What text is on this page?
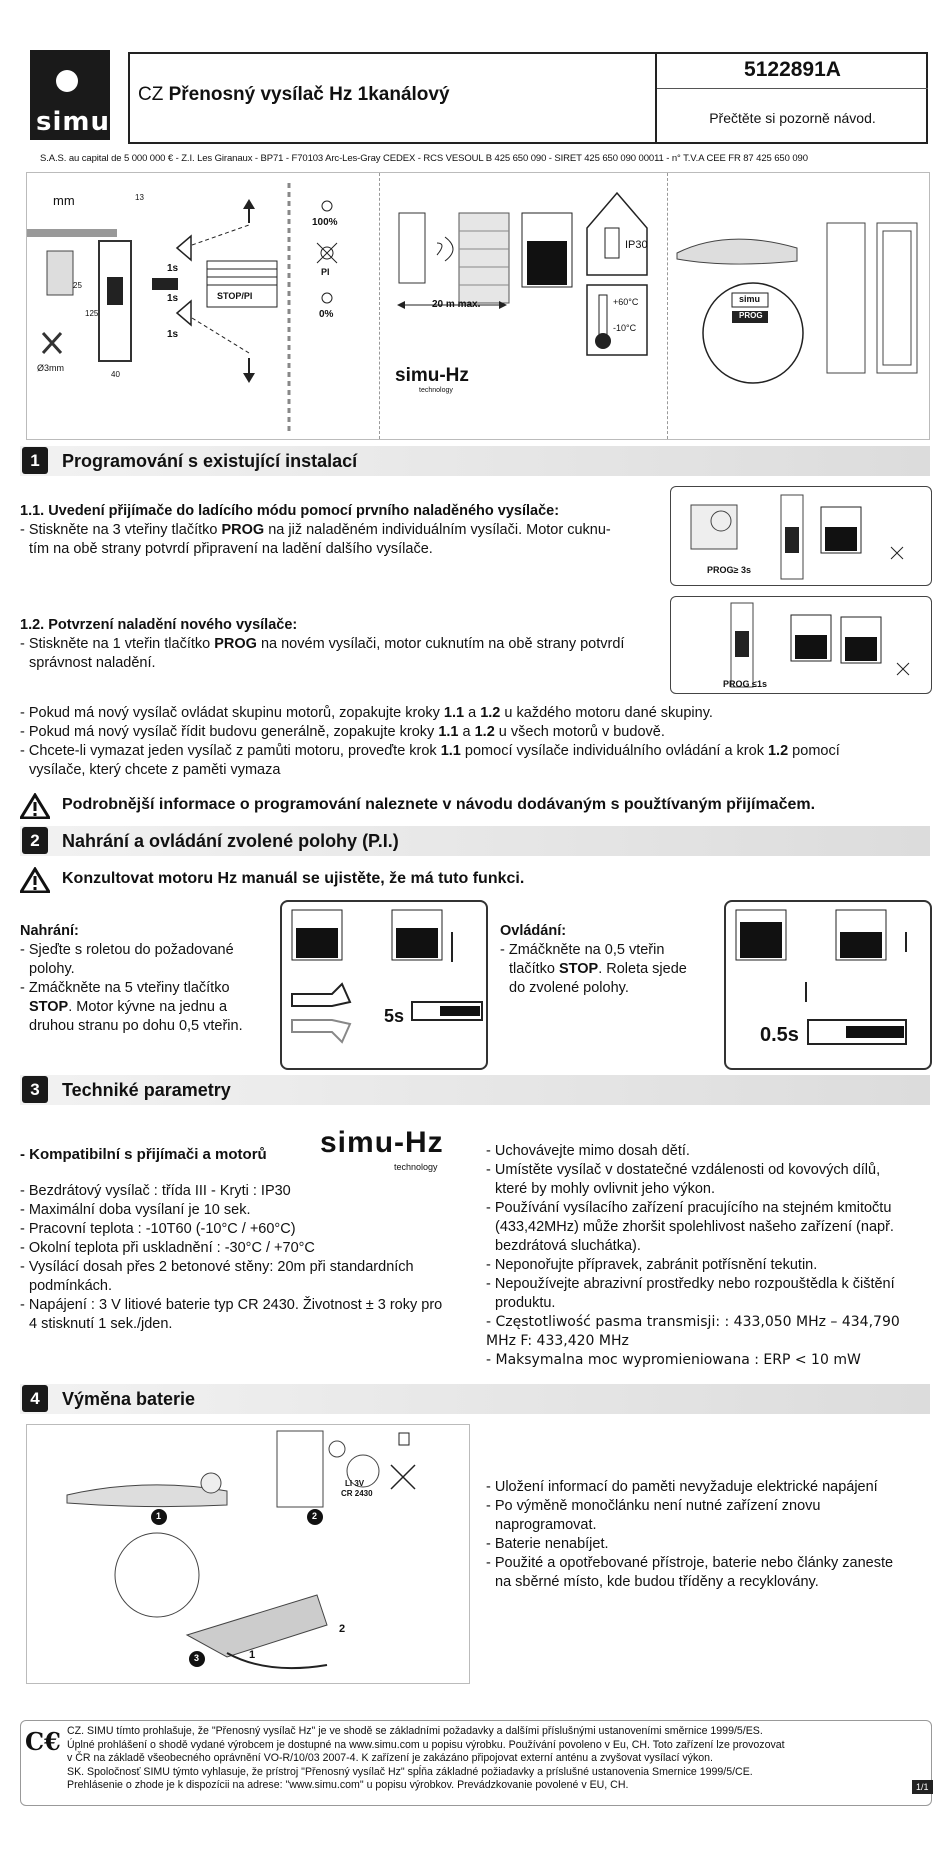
simu
CZ Přenosný vysílač Hz 1kanálový
5122891A
Přečtěte si pozorně návod.
S.A.S. au capital de 5 000 000 € - Z.I. Les Giranaux - BP71 - F70103 Arc-Les-Gray CEDEX - RCS VESOUL B 425 650 090 - SIRET 425 650 090 00011 - n° T.V.A CEE FR 87 425 650 090
mm	13
25
125
40
Ø3mm
1s
1s
1s
STOP/PI
100%
PI
0%
20 m max.
IP30
+60°C
-10°C
simu-Hz
technology
simu
PROG
1	Programování s existující instalací

1.1. Uvedení přijímače do ladícího módu pomocí prvního naladěného vysílače:

- Stiskněte na 3 vteřiny tlačítko PROG na již naladěném individuálním vysílači. Motor cuknu-

tím na obě strany potvrdí připravení na ladění dalšího vysílače.

PROG≥ 3s

1.2. Potvrzení naladění nového vysílače:

- Stiskněte na 1 vteřin tlačítko PROG na novém vysílači, motor cuknutím na obě strany potvrdí

správnost naladění.

PROG ≤1s

- Pokud má nový vysílač ovládat skupinu motorů, zopakujte kroky 1.1 a 1.2 u každého motoru dané skupiny.

- Pokud má nový vysílač řídit budovu generálně, zopakujte kroky 1.1 a 1.2 u všech motorů v budově.

- Chcete-li vymazat jeden vysílač z pamůti motoru, proveďte krok 1.1 pomocí vysílače individuálního ovládání a krok 1.2 pomocí

vysílače, který chcete z paměti vymaza

Podrobnější informace o programování naleznete v návodu dodávaným s použtívaným přijímačem.
2	Nahrání a ovládání zvolené polohy (P.I.)
Konzultovat motoru Hz manuál se ujistěte, že má tuto funkci.

Nahrání:

- Sjeďte s roletou do požadované

polohy.

- Zmáčkněte na 5 vteřiny tlačítko

STOP. Motor kývne na jednu a

druhou stranu po dohu 0,5 vteřin.	5s

Ovládání:

- Zmáčkněte na 0,5 vteřin

tlačítko STOP. Roleta sjede

do zvolené polohy.

0.5s
3	Techniké parametry
- Kompatibilní s přijímači a motorů simu-Hz
technology

- Bezdrátový vysílač : třída III - Kryti : IP30

- Maximální doba vysílaní je 10 sek.

- Pracovní teplota : -10T60 (-10°C / +60°C)

- Okolní teplota při uskladnění : -30°C / +70°C

- Vysílácí dosah přes 2 betonové stěny: 20m při standardních

podmínkách.

- Napájení : 3 V litiové baterie typ CR 2430. Životnost ± 3 roky pro

4 stisknutí 1 sek./jden.

- Uchovávejte mimo dosah dětí.

- Umístěte vysílač v dostatečné vzdálenosti od kovových dílů,

které by mohly ovlivnit jeho výkon.

- Používání vysílacího zařízení pracujícího na stejném kmitočtu

(433,42MHz) může zhoršit spolehlivost našeho zařízení (např.

bezdrátová sluchátka).

- Neponořujte přípravek, zabránit potřísnění tekutin.

- Nepoužívejte abrazivní prostředky nebo rozpouštědla k čištění

produktu.

- Częstotliwość pasma transmisji: : 433,050 MHz – 434,790

MHz F: 433,420 MHz

- Maksymalna moc wypromieniowana : ERP < 10 mW

4	Výměna baterie
1	2
3
LI 3V
CR 2430
2
1

- Uložení informací do paměti nevyžaduje elektrické napájení

- Po výměně monočlánku není nutné zařízení znovu

naprogramovat.

- Baterie nenabíjet.

- Použité a opotřebované přístroje, baterie nebo články zaneste

na sběrné místo, kde budou tříděny a recyklovány.

C€ CZ. SIMU tímto prohlašuje, že "Přenosný vysílač Hz" je ve shodě se základními požadavky a dalšími příslušnými ustanoveními směrnice 1999/5/ES.

Úplné prohlášení o shodě vydané výrobcem je dostupné na www.simu.com u popisu výrobku. Používání povoleno v Eu, CH. Toto zařízení lze provozovat

v ČR na základě všeobecného oprávnění VO-R/10/03 2007-4. K zařízení je zakázáno připojovat externí anténu a zvyšovat vysílací výkon.

SK. Spoločnosť SIMU týmto vyhlasuje, že prístroj "Přenosný vysílač Hz" spĺňa základné požiadavky a príslušné ustanovenia Smernice 1999/5/CE.

Prehlásenie o zhode je k dispozícii na adrese: "www.simu.com" u popisu výrobkov. Prevádzkovanie povolené v EU, CH.	1/1
